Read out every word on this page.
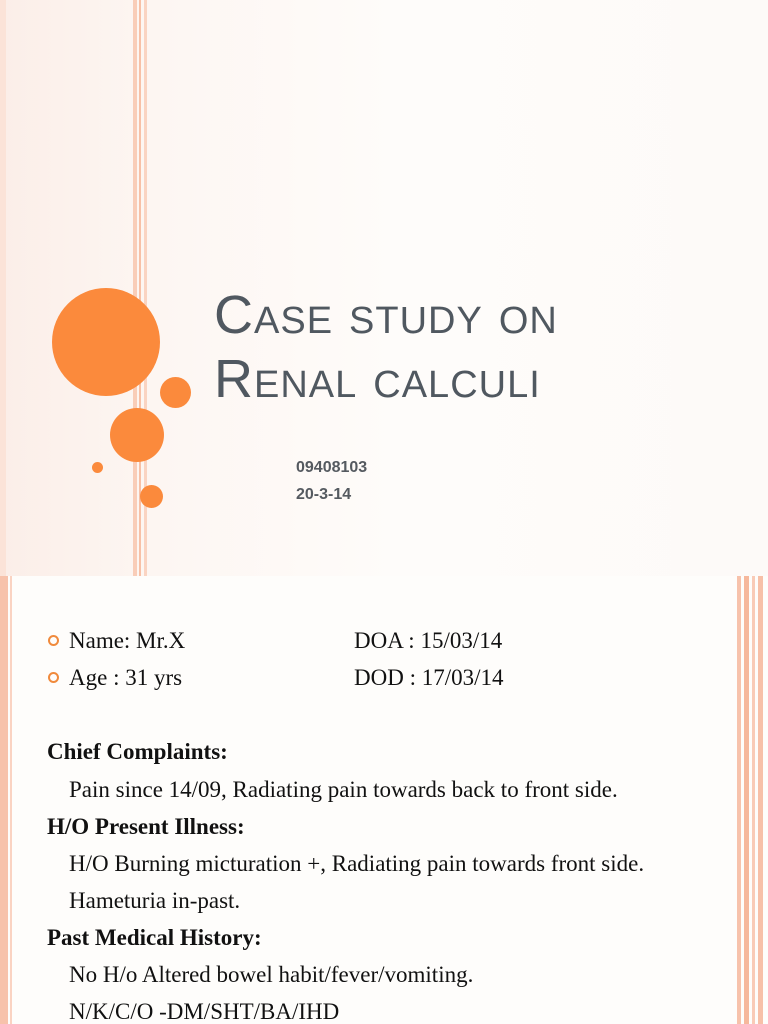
Case study on
Renal calculi
09408103
20-3-14
Name: Mr.X	DOA : 15/03/14
Age : 31 yrs	DOD : 17/03/14

Chief Complaints:

Pain since 14/09, Radiating pain towards back to front side.

H/O Present Illness:

H/O Burning micturation +, Radiating pain towards front side.

Hameturia in-past.

Past Medical History:

No H/o Altered bowel habit/fever/vomiting.

N/K/C/O -DM/SHT/BA/IHD
